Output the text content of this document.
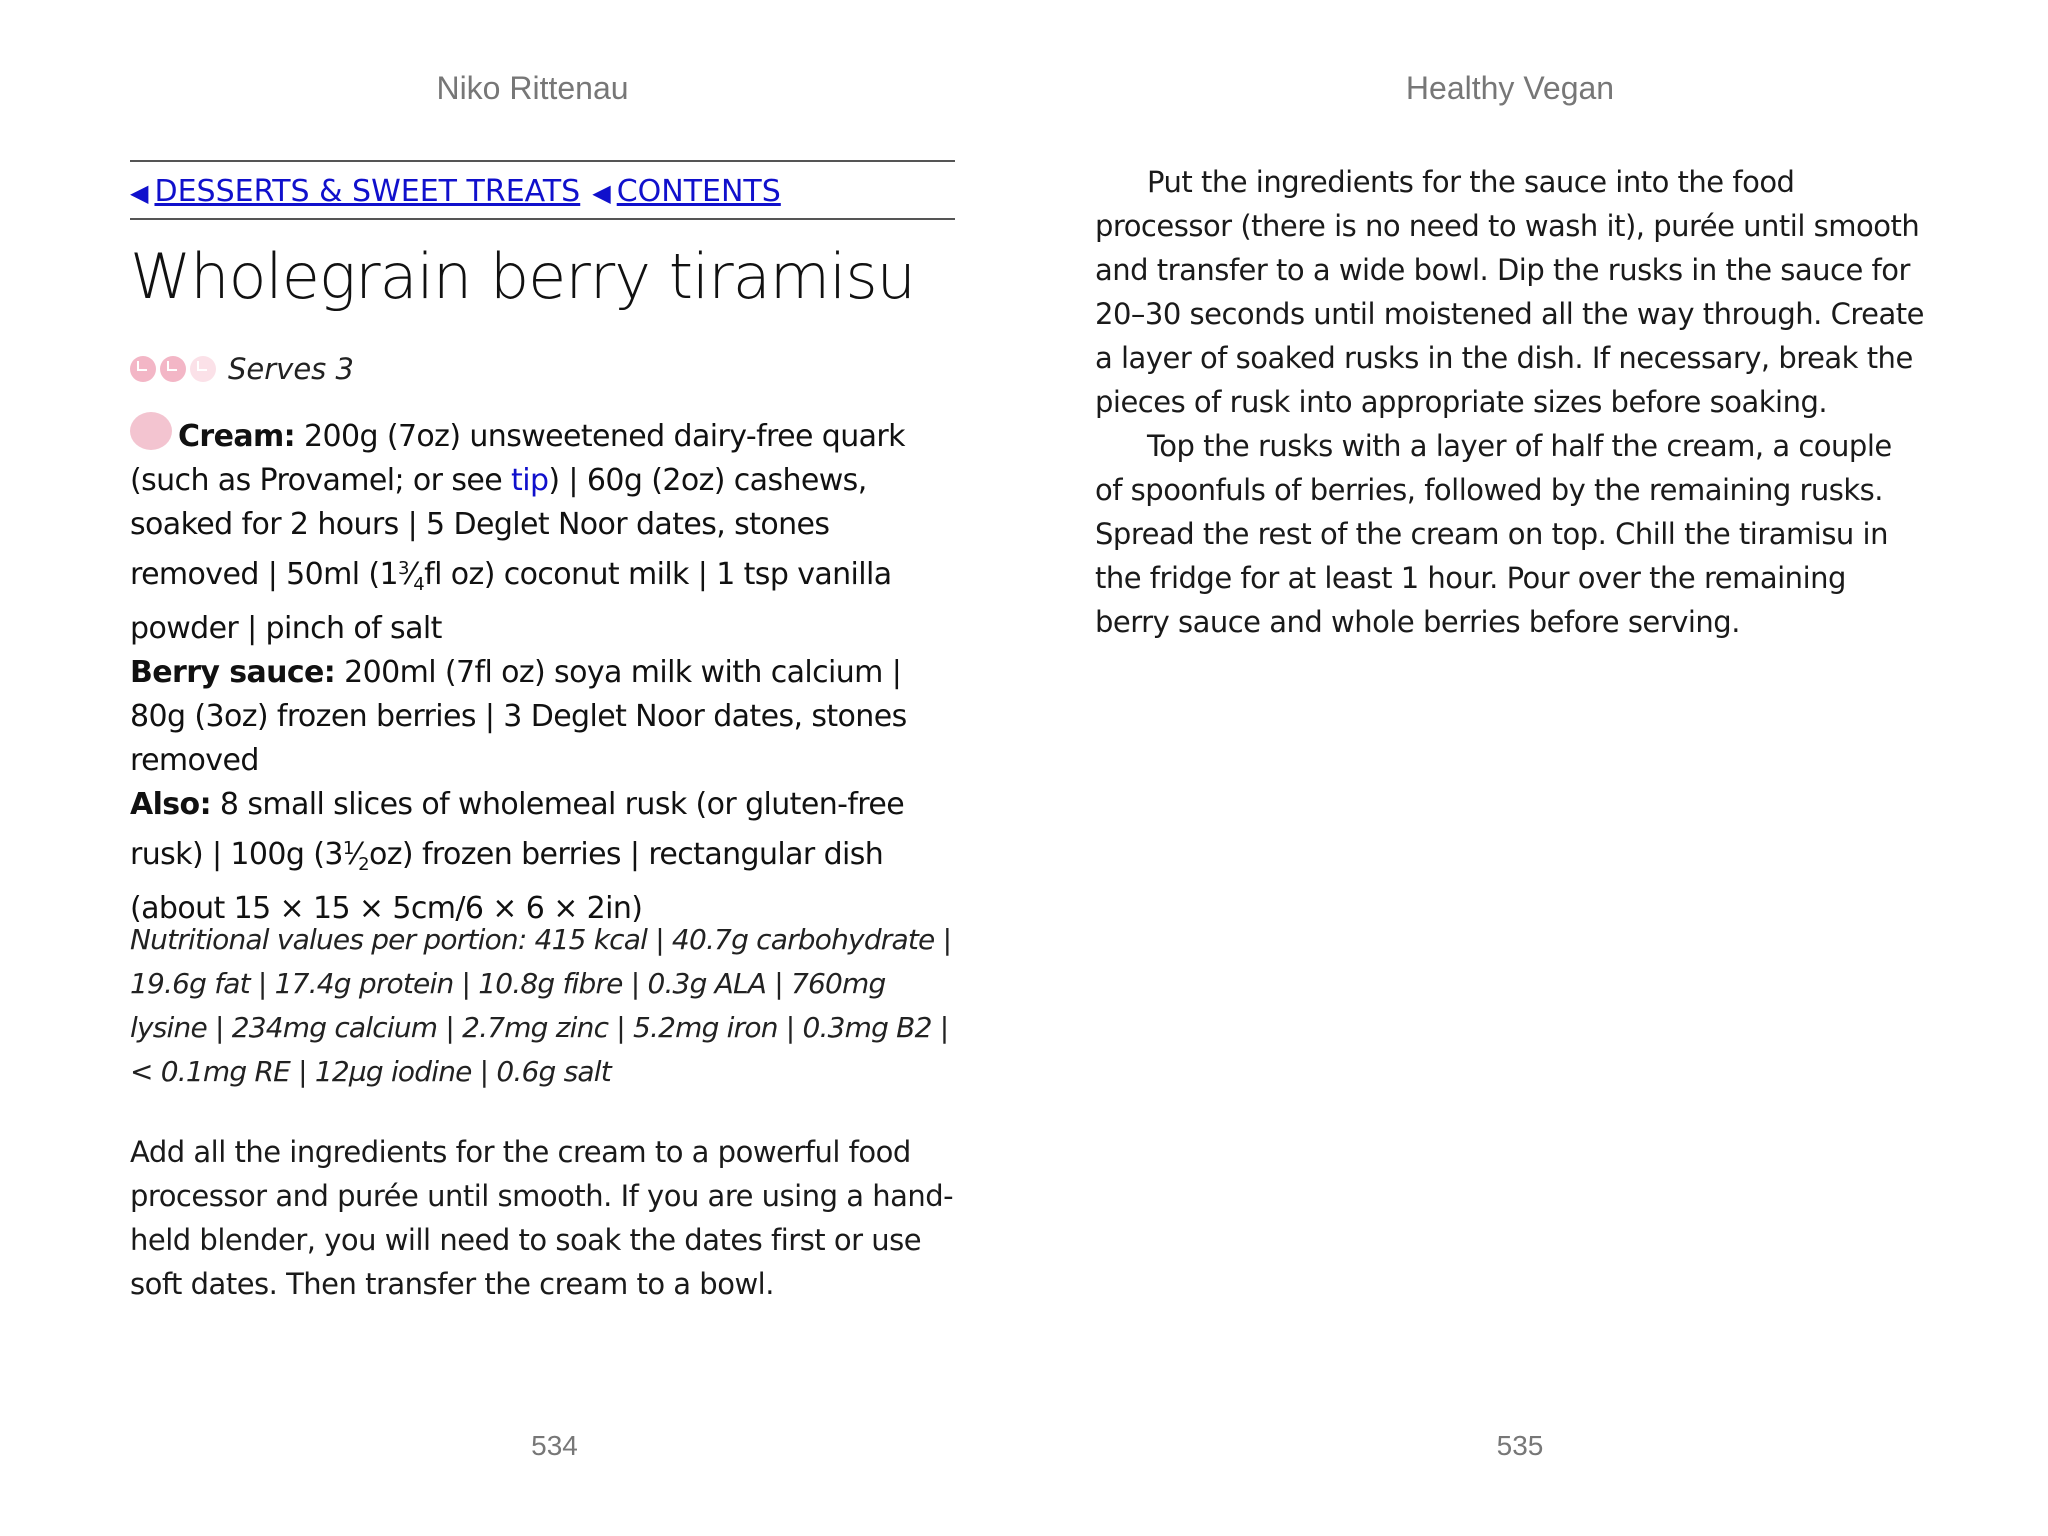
Niko Rittenau
◀ DESSERTS & SWEET TREATS ◀ CONTENTS
Wholegrain berry tiramisu
Serves 3
Cream: 200g (7oz) unsweetened dairy-free quark (such as Provamel; or see tip) | 60g (2oz) cashews, soaked for 2 hours | 5 Deglet Noor dates, stones removed | 50ml ($1^3⁄_4fl$ oz) coconut milk | 1 tsp vanilla powder | pinch of salt
Berry sauce: 200ml (7fl oz) soya milk with calcium | 80g (3oz) frozen berries | 3 Deglet Noor dates, stones removed
Also: 8 small slices of wholemeal rusk (or gluten-free rusk) | 100g $(3^1⁄_2oz)$ frozen berries | rectangular dish (about 15 × 15 × 5cm/6 × 6 × 2in)
Nutritional values per portion: 415 kcal | 40.7g carbohydrate | 19.6g fat | 17.4g protein | 10.8g fibre | 0.3g ALA | 760mg lysine | 234mg calcium | 2.7mg zinc | 5.2mg iron | 0.3mg B2 | < 0.1mg RE | 12µg iodine | 0.6g salt
Add all the ingredients for the cream to a powerful food processor and purée until smooth. If you are using a hand-held blender, you will need to soak the dates first or use soft dates. Then transfer the cream to a bowl.
534
Healthy Vegan

Put the ingredients for the sauce into the food processor (there is no need to wash it), purée until smooth and transfer to a wide bowl. Dip the rusks in the sauce for 20–30 seconds until moistened all the way through. Create a layer of soaked rusks in the dish. If necessary, break the pieces of rusk into appropriate sizes before soaking.

Top the rusks with a layer of half the cream, a couple of spoonfuls of berries, followed by the remaining rusks. Spread the rest of the cream on top. Chill the tiramisu in the fridge for at least 1 hour. Pour over the remaining berry sauce and whole berries before serving.

535
